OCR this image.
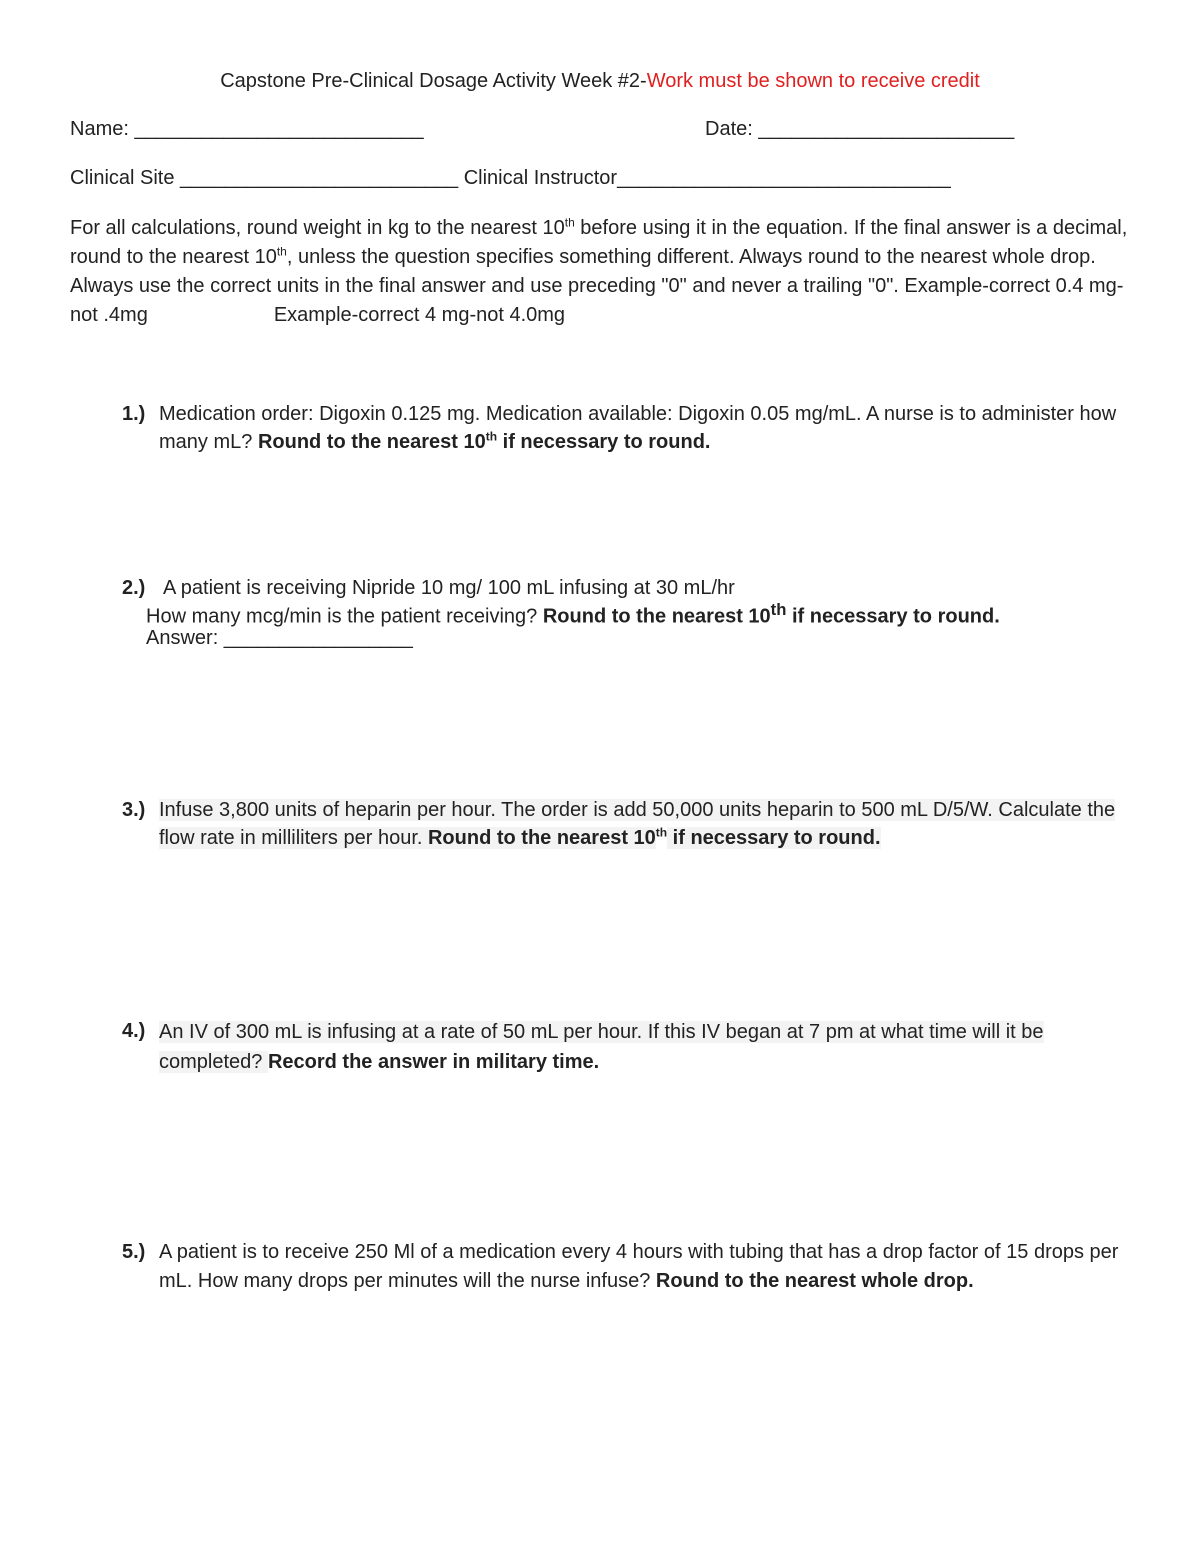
Capstone Pre-Clinical Dosage Activity Week #2-Work must be shown to receive credit
Name: __________________________	Date: _______________________
Clinical Site _________________________ Clinical Instructor______________________________
For all calculations, round weight in kg to the nearest 10th before using it in the equation. If the final answer is a decimal, round to the nearest 10th, unless the question specifies something different. Always round to the nearest whole drop. Always use the correct units in the final answer and use preceding "0" and never a trailing "0". Example-correct 0.4 mg-not .4mg	Example-correct 4 mg-not 4.0mg
1.) Medication order: Digoxin 0.125 mg. Medication available: Digoxin 0.05 mg/mL. A nurse is to administer how many mL? Round to the nearest 10th if necessary to round.
2.) A patient is receiving Nipride 10 mg/ 100 mL infusing at 30 mL/hr
How many mcg/min is the patient receiving? Round to the nearest 10th if necessary to round.
Answer: _________________
3.) Infuse 3,800 units of heparin per hour. The order is add 50,000 units heparin to 500 mL D/5/W. Calculate the flow rate in milliliters per hour. Round to the nearest 10th if necessary to round.
4.) An IV of 300 mL is infusing at a rate of 50 mL per hour. If this IV began at 7 pm at what time will it be completed? Record the answer in military time.
5.) A patient is to receive 250 Ml of a medication every 4 hours with tubing that has a drop factor of 15 drops per mL. How many drops per minutes will the nurse infuse? Round to the nearest whole drop.
